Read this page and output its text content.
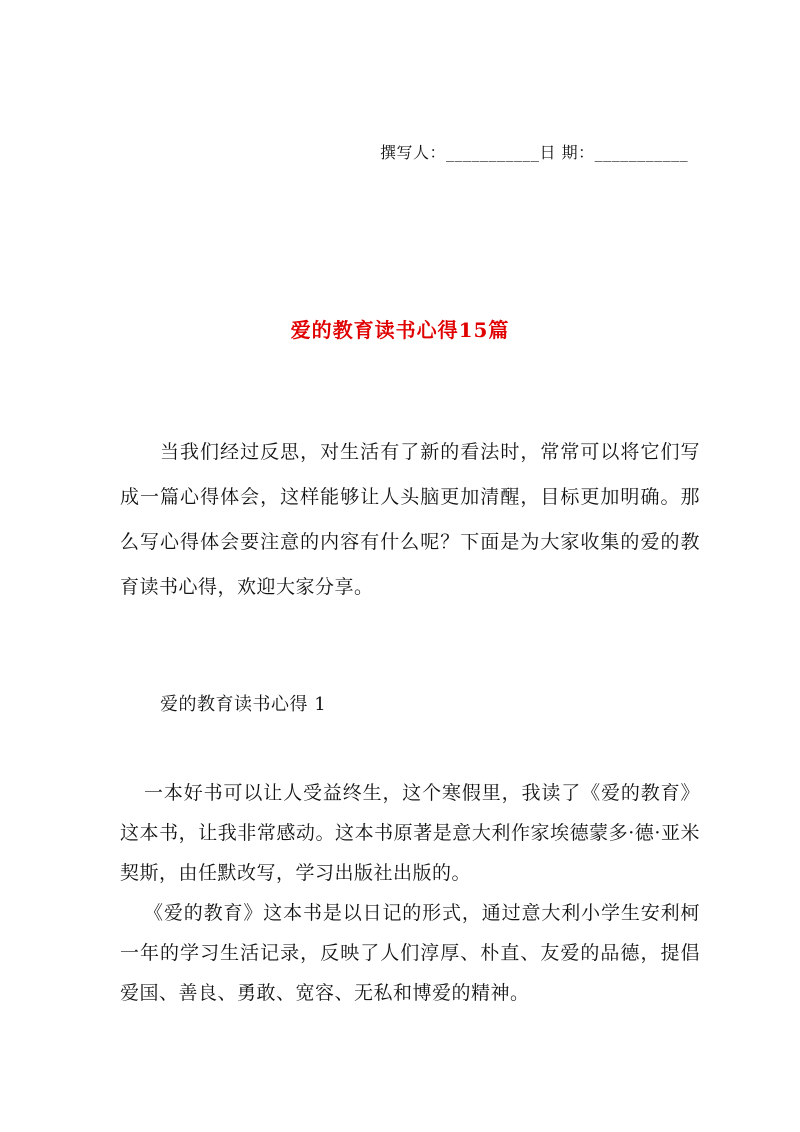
撰写人：___________日 期：___________
爱的教育读书心得15篇
当我们经过反思，对生活有了新的看法时，常常可以将它们写成一篇心得体会，这样能够让人头脑更加清醒，目标更加明确。那么写心得体会要注意的内容有什么呢？下面是为大家收集的爱的教育读书心得，欢迎大家分享。
爱的教育读书心得 1
一本好书可以让人受益终生，这个寒假里，我读了《爱的教育》这本书，让我非常感动。这本书原著是意大利作家埃德蒙多·德·亚米契斯，由任默改写，学习出版社出版的。
《爱的教育》这本书是以日记的形式，通过意大利小学生安利柯一年的学习生活记录，反映了人们淳厚、朴直、友爱的品德，提倡爱国、善良、勇敢、宽容、无私和博爱的精神。
